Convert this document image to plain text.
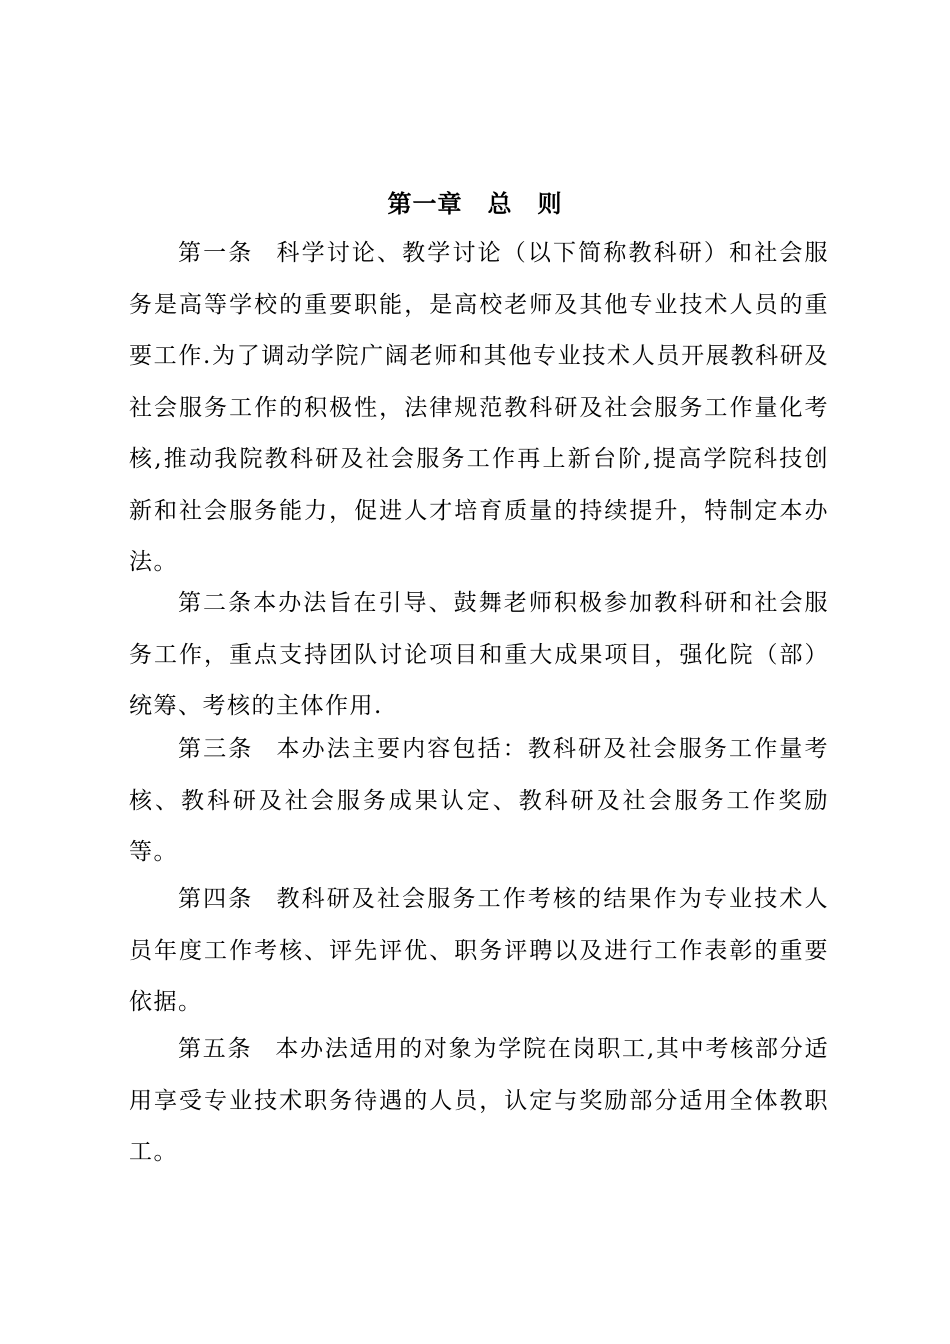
第一章　总　则

第一条 科学讨论、教学讨论（以下简称教科研）和社会服务是高等学校的重要职能，是高校老师及其他专业技术人员的重要工作.为了调动学院广阔老师和其他专业技术人员开展教科研及社会服务工作的积极性，法律规范教科研及社会服务工作量化考核,推动我院教科研及社会服务工作再上新台阶,提高学院科技创新和社会服务能力，促进人才培育质量的持续提升，特制定本办法。

第二条本办法旨在引导、鼓舞老师积极参加教科研和社会服务工作，重点支持团队讨论项目和重大成果项目，强化院（部）统筹、考核的主体作用.

第三条 本办法主要内容包括：教科研及社会服务工作量考核、教科研及社会服务成果认定、教科研及社会服务工作奖励等。

第四条 教科研及社会服务工作考核的结果作为专业技术人员年度工作考核、评先评优、职务评聘以及进行工作表彰的重要依据。

第五条 本办法适用的对象为学院在岗职工,其中考核部分适用享受专业技术职务待遇的人员，认定与奖励部分适用全体教职工。
